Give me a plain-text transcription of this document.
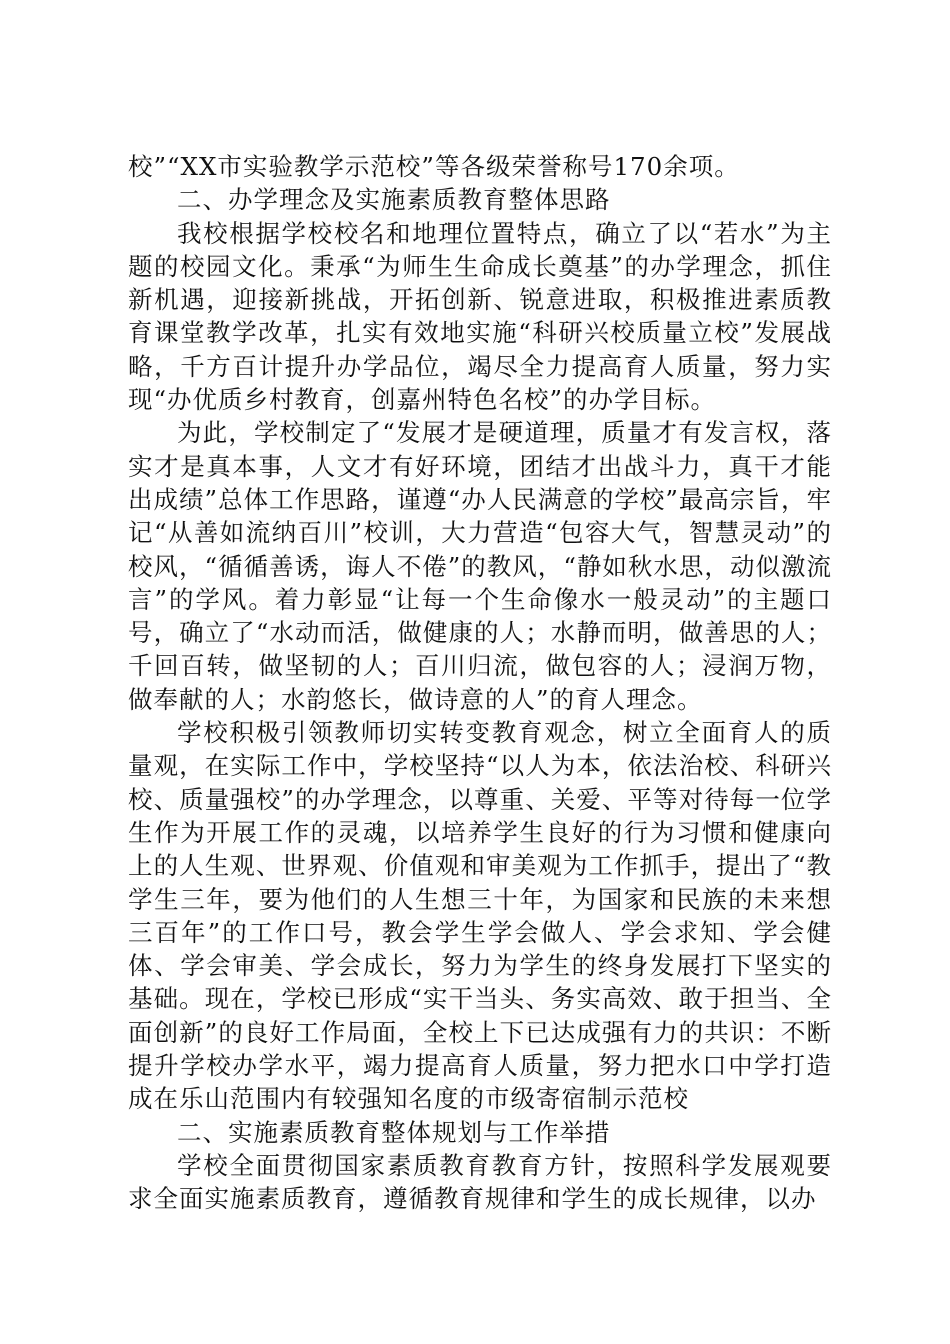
校”“XX市实验教学示范校”等各级荣誉称号170余项。

二、办学理念及实施素质教育整体思路

我校根据学校校名和地理位置特点，确立了以“若水”为主题的校园文化。秉承“为师生生命成长奠基”的办学理念，抓住新机遇，迎接新挑战，开拓创新、锐意进取，积极推进素质教育课堂教学改革，扎实有效地实施“科研兴校质量立校”发展战略，千方百计提升办学品位，竭尽全力提高育人质量，努力实现“办优质乡村教育，创嘉州特色名校”的办学目标。

为此，学校制定了“发展才是硬道理，质量才有发言权，落实才是真本事，人文才有好环境，团结才出战斗力，真干才能出成绩”总体工作思路，谨遵“办人民满意的学校”最高宗旨，牢记“从善如流纳百川”校训，大力营造“包容大气，智慧灵动”的校风，“循循善诱，诲人不倦”的教风，“静如秋水思，动似激流言”的学风。着力彰显“让每一个生命像水一般灵动”的主题口号，确立了“水动而活，做健康的人；水静而明，做善思的人；千回百转，做坚韧的人；百川归流，做包容的人；浸润万物，做奉献的人；水韵悠长，做诗意的人”的育人理念。

学校积极引领教师切实转变教育观念，树立全面育人的质量观，在实际工作中，学校坚持“以人为本，依法治校、科研兴校、质量强校”的办学理念，以尊重、关爱、平等对待每一位学生作为开展工作的灵魂，以培养学生良好的行为习惯和健康向上的人生观、世界观、价值观和审美观为工作抓手，提出了“教学生三年，要为他们的人生想三十年，为国家和民族的未来想三百年”的工作口号，教会学生学会做人、学会求知、学会健体、学会审美、学会成长，努力为学生的终身发展打下坚实的基础。现在，学校已形成“实干当头、务实高效、敢于担当、全面创新”的良好工作局面，全校上下已达成强有力的共识：不断提升学校办学水平，竭力提高育人质量，努力把水口中学打造成在乐山范围内有较强知名度的市级寄宿制示范校

二、实施素质教育整体规划与工作举措

学校全面贯彻国家素质教育教育方针，按照科学发展观要求全面实施素质教育，遵循教育规律和学生的成长规律，以办
